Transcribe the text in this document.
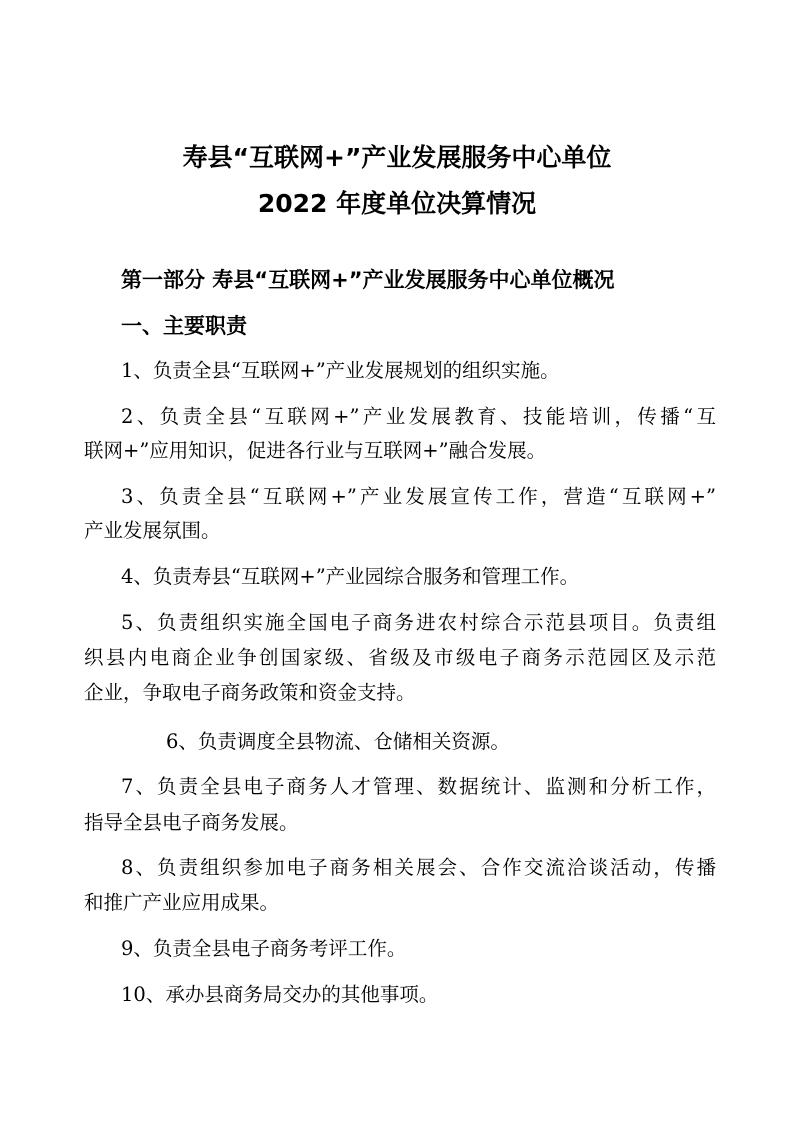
寿县“互联网+”产业发展服务中心单位
2022 年度单位决算情况
第一部分 寿县“互联网+”产业发展服务中心单位概况
一、主要职责
1、负责全县“互联网+”产业发展规划的组织实施。
2、负责全县“互联网+”产业发展教育、技能培训，传播“互
联网+”应用知识，促进各行业与互联网+”融合发展。
3、负责全县“互联网+”产业发展宣传工作，营造“互联网+”
产业发展氛围。
4、负责寿县“互联网+”产业园综合服务和管理工作。
5、负责组织实施全国电子商务进农村综合示范县项目。负责组
织县内电商企业争创国家级、省级及市级电子商务示范园区及示范
企业，争取电子商务政策和资金支持。
6、负责调度全县物流、仓储相关资源。
7、负责全县电子商务人才管理、数据统计、监测和分析工作，
指导全县电子商务发展。
8、负责组织参加电子商务相关展会、合作交流洽谈活动，传播
和推广产业应用成果。
9、负责全县电子商务考评工作。
10、承办县商务局交办的其他事项。
